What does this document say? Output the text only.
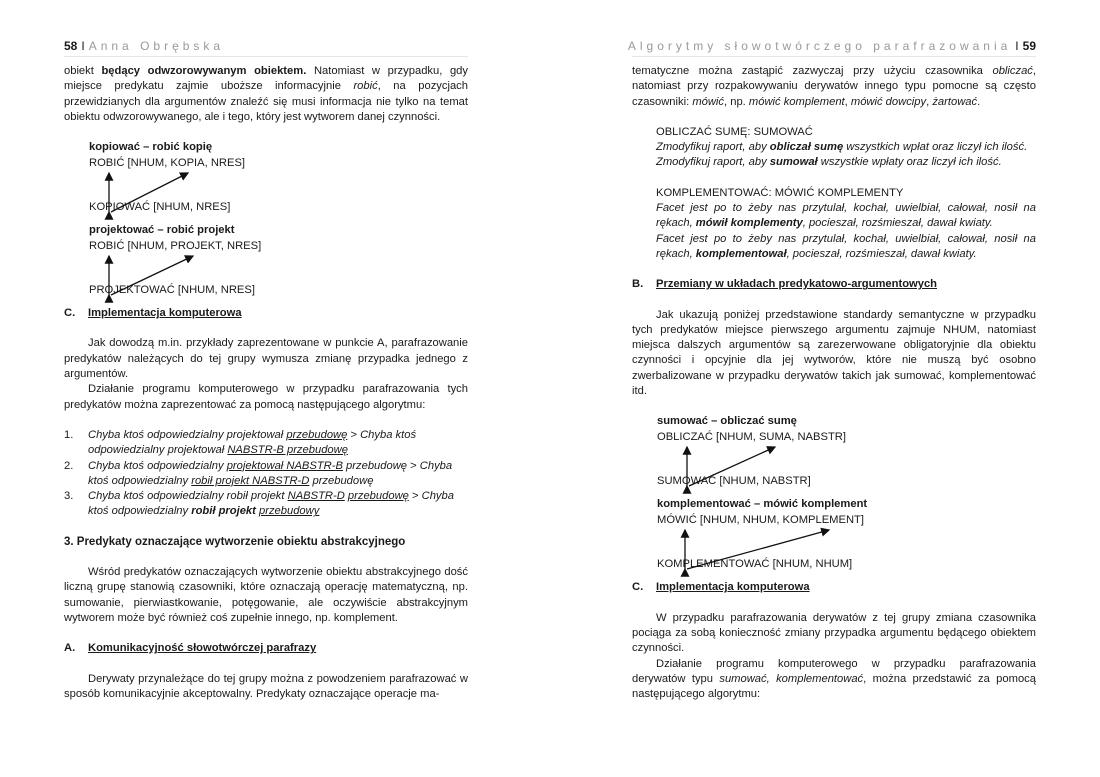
58 I Anna Obrębska

obiekt będący odwzorowywanym obiektem. Natomiast w przypadku, gdy miejsce predykatu zajmie uboższe informacyjnie robić, na pozycjach przewidzianych dla argumentów znaleźć się musi informacja nie tylko na temat obiektu odwzorowywanego, ale i tego, który jest wytworem danej czynności.

kopiować – robić kopię
ROBIĆ [NHUM, KOPIA, NRES]
KOPIOWAĆ [NHUM, NRES]
projektować – robić projekt
ROBIĆ [NHUM, PROJEKT, NRES]
PROJEKTOWAĆ [NHUM, NRES]

C. Implementacja komputerowa

Jak dowodzą m.in. przykłady zaprezentowane w punkcie A, parafrazowanie predykatów należących do tej grupy wymusza zmianę przypadka jednego z argumentów.

Działanie programu komputerowego w przypadku parafrazowania tych predykatów można zaprezentować za pomocą następującego algorytmu:

1. Chyba ktoś odpowiedzialny projektował przebudowę > Chyba ktoś odpowiedzialny projektował NABSTR-B przebudowę
2. Chyba ktoś odpowiedzialny projektował NABSTR-B przebudowę > Chyba ktoś odpowiedzialny robił projekt NABSTR-D przebudowę
3. Chyba ktoś odpowiedzialny robił projekt NABSTR-D przebudowę > Chyba ktoś odpowiedzialny robił projekt przebudowy

3. Predykaty oznaczające wytworzenie obiektu abstrakcyjnego

Wśród predykatów oznaczających wytworzenie obiektu abstrakcyjnego dość liczną grupę stanowią czasowniki, które oznaczają operację matematyczną, np. sumowanie, pierwiastkowanie, potęgowanie, ale oczywiście abstrakcyjnym wytworem może być również coś zupełnie innego, np. komplement.

A. Komunikacyjność słowotwórczej parafrazy

Derywaty przynależące do tej grupy można z powodzeniem parafrazować w sposób komunikacyjnie akceptowalny. Predykaty oznaczające operacje ma-

Algorytmy słowotwórczego parafrazowania I 59

tematyczne można zastąpić zazwyczaj przy użyciu czasownika obliczać, natomiast przy rozpakowywaniu derywatów innego typu pomocne są często czasowniki: mówić, np. mówić komplement, mówić dowcipy, żartować.

OBLICZAĆ SUMĘ: SUMOWAĆ

Zmodyfikuj raport, aby obliczał sumę wszystkich wpłat oraz liczył ich ilość.

Zmodyfikuj raport, aby sumował wszystkie wpłaty oraz liczył ich ilość.

KOMPLEMENTOWAĆ: MÓWIĆ KOMPLEMENTY

Facet jest po to żeby nas przytulał, kochał, uwielbiał, całował, nosił na rękach, mówił komplementy, pocieszał, rozśmieszał, dawał kwiaty.

Facet jest po to żeby nas przytulał, kochał, uwielbiał, całował, nosił na rękach, komplementował, pocieszał, rozśmieszał, dawał kwiaty.

B. Przemiany w układach predykatowo-argumentowych

Jak ukazują poniżej przedstawione standardy semantyczne w przypadku tych predykatów miejsce pierwszego argumentu zajmuje NHUM, natomiast miejsca dalszych argumentów są zarezerwowane obligatoryjnie dla obiektu czynności i opcyjnie dla jej wytworów, które nie muszą być osobno zwerbalizowane w przypadku derywatów takich jak sumować, komplementować itd.

sumować – obliczać sumę
OBLICZAĆ [NHUM, SUMA, NABSTR]
SUMOWAĆ [NHUM, NABSTR]
komplementować – mówić komplement
MÓWIĆ [NHUM, NHUM, KOMPLEMENT]
KOMPLEMENTOWAĆ [NHUM, NHUM]

C. Implementacja komputerowa

W przypadku parafrazowania derywatów z tej grupy zmiana czasownika pociąga za sobą konieczność zmiany przypadka argumentu będącego obiektem czynności.

Działanie programu komputerowego w przypadku parafrazowania derywatów typu sumować, komplementować, można przedstawić za pomocą następującego algorytmu:
